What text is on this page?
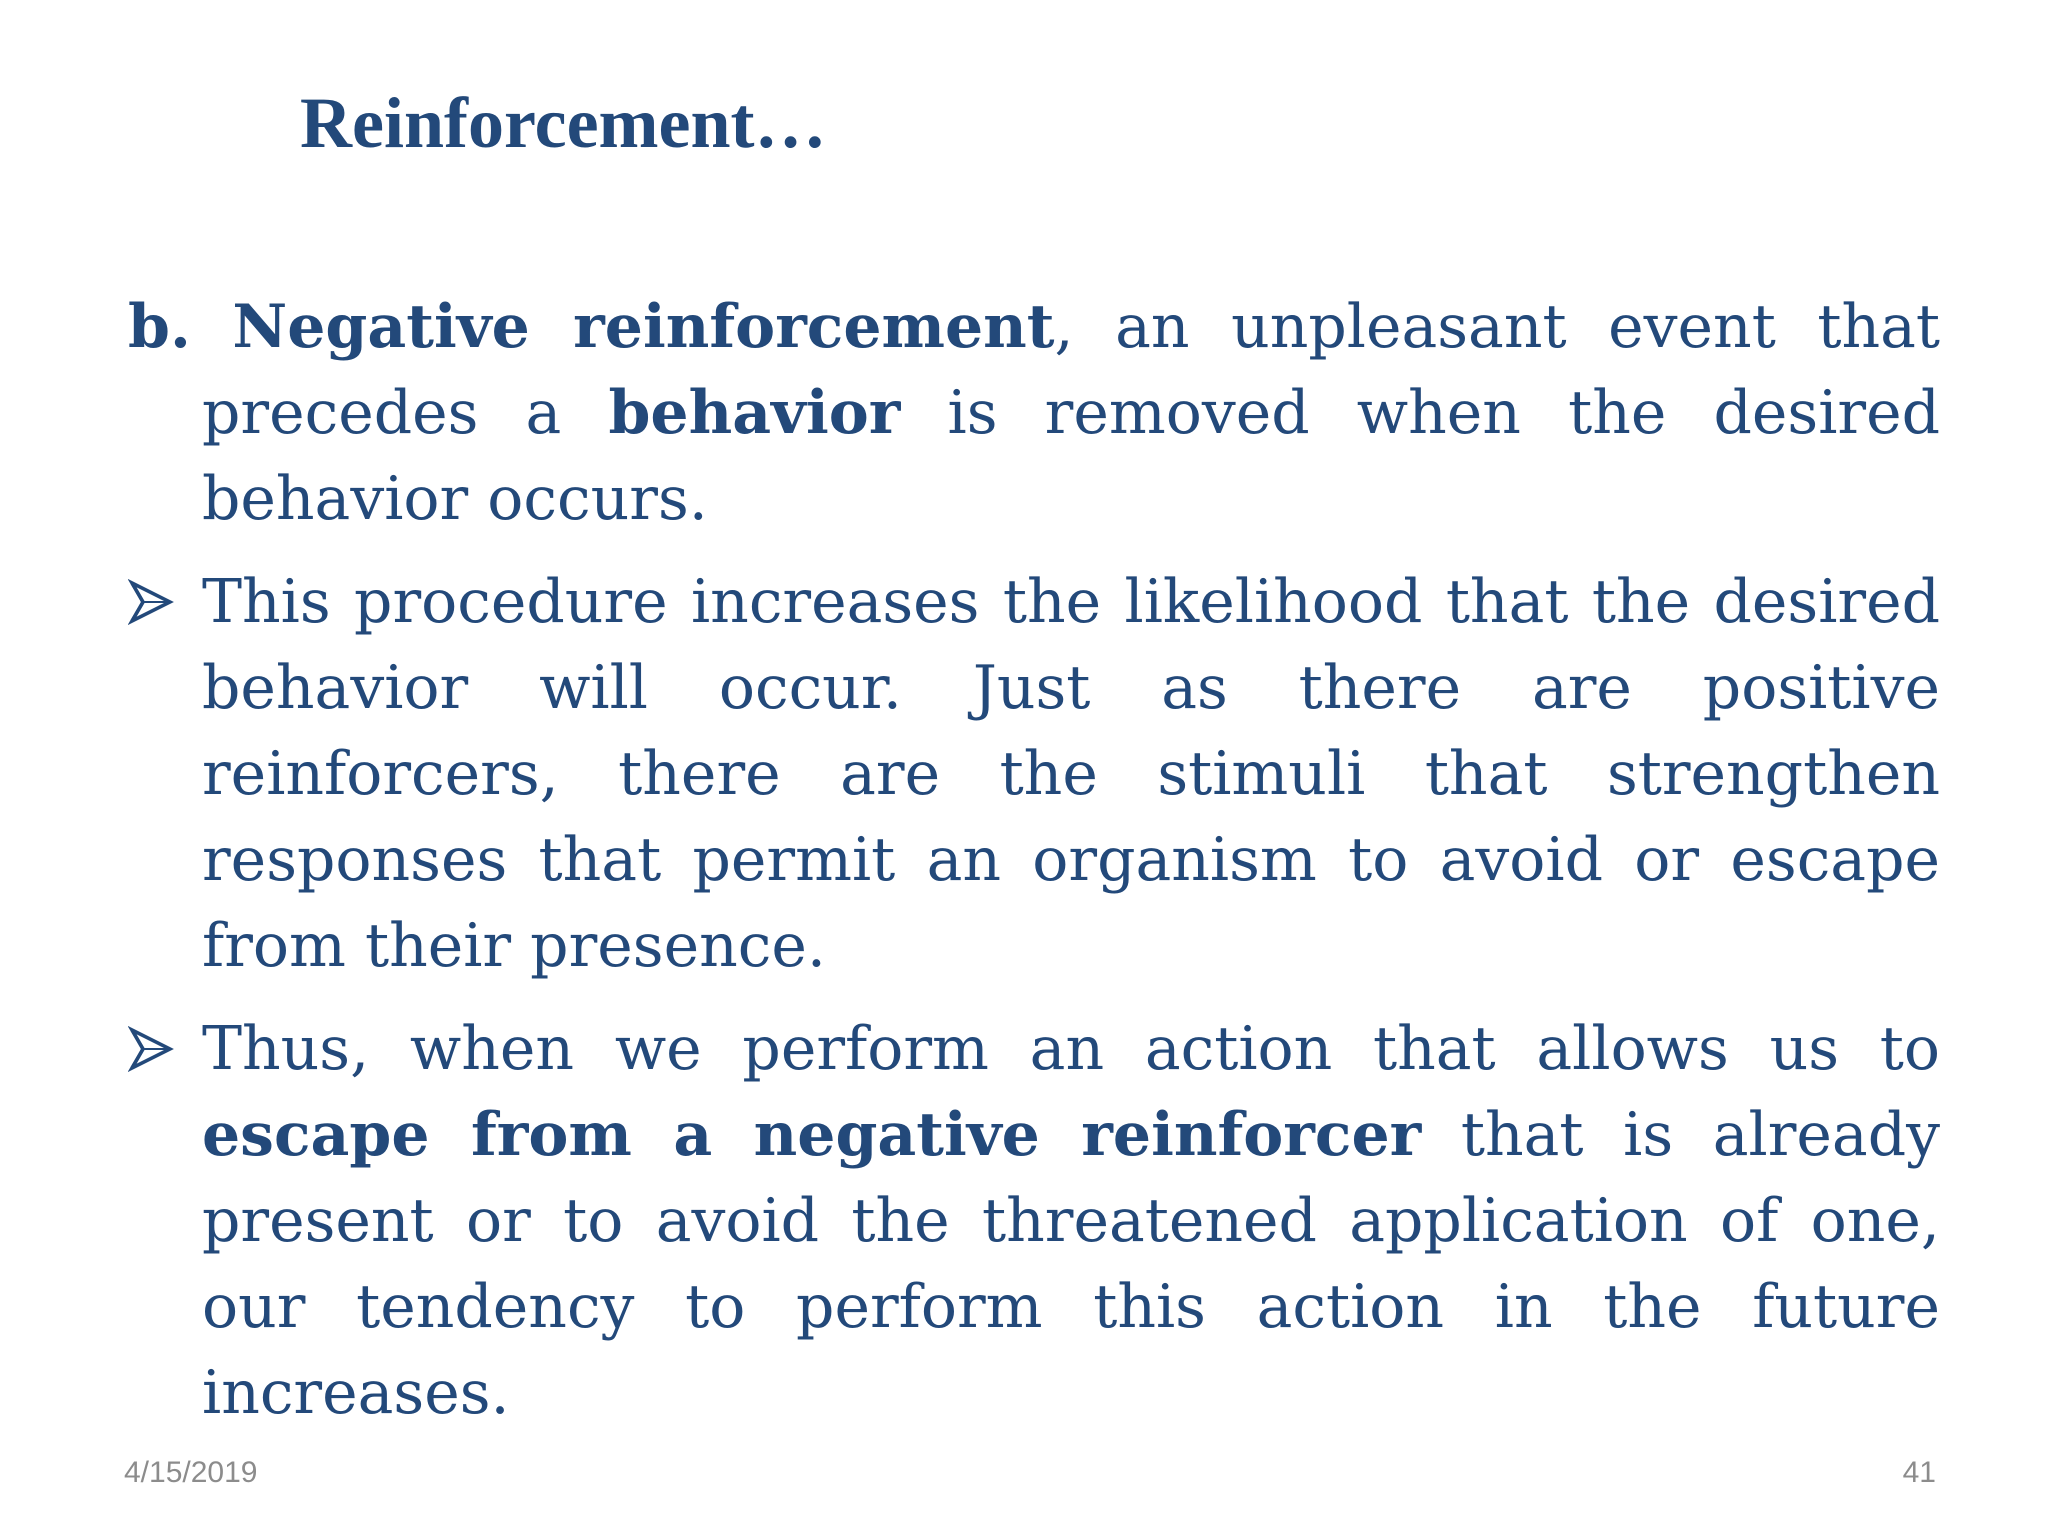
Reinforcement…

b. Negative reinforcement, an unpleasant event that precedes a behavior is removed when the desired behavior occurs.

This procedure increases the likelihood that the desired behavior will occur. Just as there are positive reinforcers, there are the stimuli that strengthen responses that permit an organism to avoid or escape from their presence.

Thus, when we perform an action that allows us to escape from a negative reinforcer that is already present or to avoid the threatened application of one, our tendency to perform this action in the future increases.

4/15/2019	41
